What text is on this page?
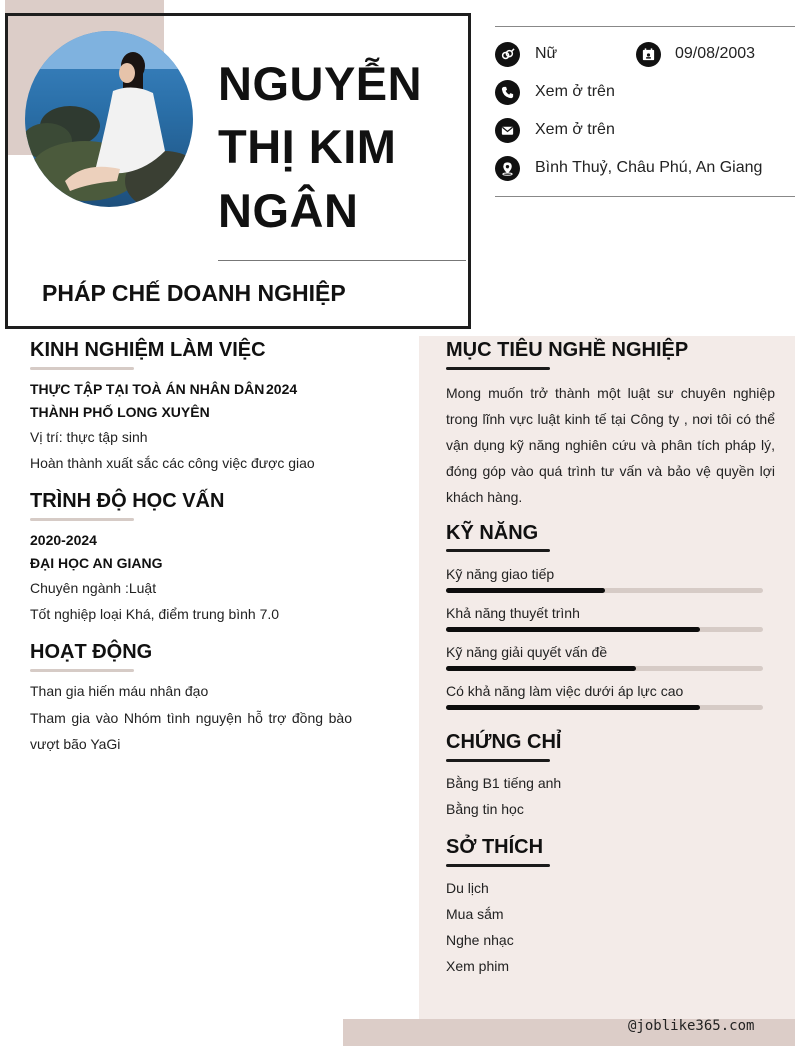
NGUYỄN
THỊ KIM
NGÂN
PHÁP CHẾ DOANH NGHIỆP
Nữ	09/08/2003
Xem ở trên
Xem ở trên
Bình Thuỷ, Châu Phú, An Giang
KINH NGHIỆM LÀM VIỆC
THỰC TẬP TẠI TOÀ ÁN NHÂN DÂN 2024
THÀNH PHỐ LONG XUYÊN
Vị trí: thực tập sinh
Hoàn thành xuất sắc các công việc được giao
TRÌNH ĐỘ HỌC VẤN
2020-2024
ĐẠI HỌC AN GIANG
Chuyên ngành :Luật
Tốt nghiệp loại Khá, điểm trung bình 7.0
HOẠT ĐỘNG
Than gia hiến máu nhân đạo
Tham gia vào Nhóm tình nguyện hỗ trợ đồng bào vượt bão YaGi
MỤC TIÊU NGHỀ NGHIỆP
Mong muốn trở thành một luật sư chuyên nghiệp trong lĩnh vực luật kinh tế tại Công ty , nơi tôi có thể vận dụng kỹ năng nghiên cứu và phân tích pháp lý, đóng góp vào quá trình tư vấn và bảo vệ quyền lợi khách hàng.
KỸ NĂNG
Kỹ năng giao tiếp
Khả năng thuyết trình
Kỹ năng giải quyết vấn đề
Có khả năng làm việc dưới áp lực cao
CHỨNG CHỈ
Bằng B1 tiếng anh
Bằng tin học
SỞ THÍCH
Du lịch
Mua sắm
Nghe nhạc
Xem phim
@joblike365.com
